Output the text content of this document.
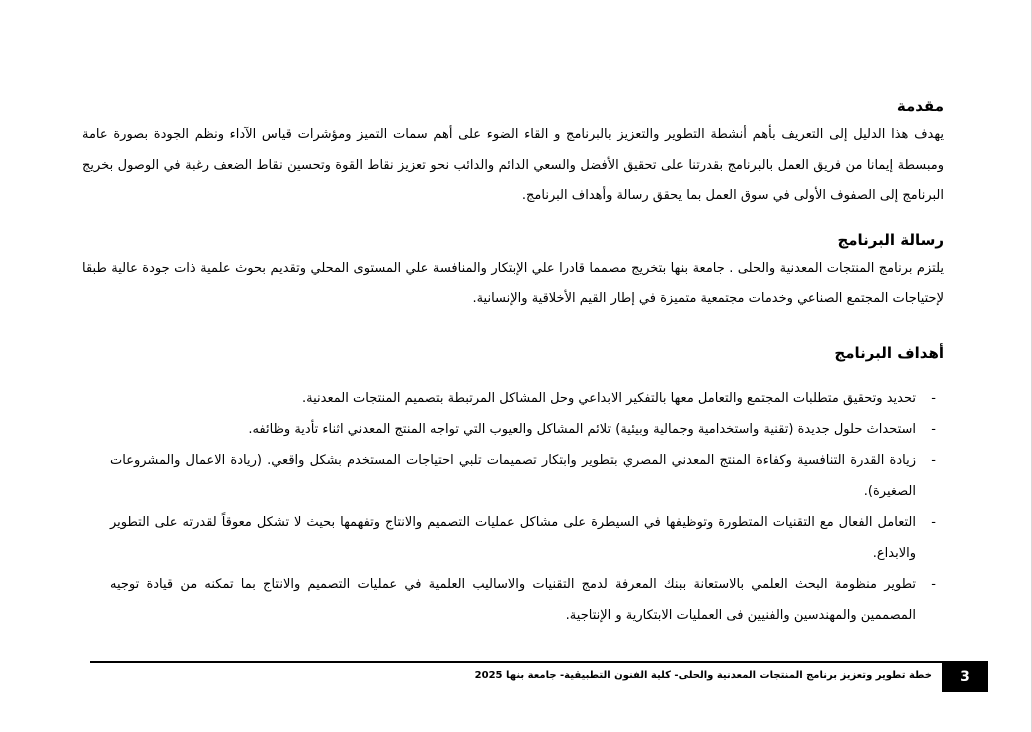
مقدمة

يهدف هذا الدليل إلى التعريف بأهم أنشطة التطوير والتعزيز بالبرنامج و القاء الضوء على أهم سمات التميز ومؤشرات قياس الآداء ونظم الجودة بصورة عامة ومبسطة إيمانا من فريق العمل بالبرنامج بقدرتنا على تحقيق الأفضل والسعي الدائم والدائب نحو تعزيز نقاط القوة وتحسين نقاط الضعف رغبة في الوصول بخريج البرنامج إلى الصفوف الأولى في سوق العمل بما يحقق رسالة وأهداف البرنامج.

رسالة البرنامج

يلتزم برنامج المنتجات المعدنية والحلى . جامعة بنها بتخريج مصمما قادرا علي الإبتكار والمنافسة علي المستوى المحلي وتقديم بحوث علمية ذات جودة عالية طبقا لإحتياجات المجتمع الصناعي وخدمات مجتمعية متميزة في إطار القيم الأخلاقية والإنسانية.

أهداف البرنامج
-
تحديد وتحقيق متطلبات المجتمع والتعامل معها بالتفكير الابداعي وحل المشاكل المرتبطة بتصميم المنتجات المعدنية.
-
استحداث حلول جديدة (تقنية واستخدامية وجمالية وبيئية) تلائم المشاكل والعيوب التي تواجه المنتج المعدني اثناء تأدية وظائفه.
-
زيادة القدرة التنافسية وكفاءة المنتج المعدني المصري بتطوير وابتكار تصميمات تلبي احتياجات المستخدم بشكل واقعي. (ريادة الاعمال والمشروعات الصغيرة).
-
التعامل الفعال مع التقنيات المتطورة وتوظيفها في السيطرة على مشاكل عمليات التصميم والانتاج وتفهمها بحيث لا تشكل معوقاً لقدرته على التطوير والابداع.
-
تطوير منظومة البحث العلمي بالاستعانة ببنك المعرفة لدمج التقنيات والاساليب العلمية في عمليات التصميم والانتاج بما تمكنه من قيادة توجيه المصممين والمهندسين والفنيين فى العمليات الابتكارية و الإنتاجية.
3
خطة تطوير وتعزيز برنامج المنتجات المعدنية والحلى- كلية الفنون التطبيقية- جامعة بنها 2025
